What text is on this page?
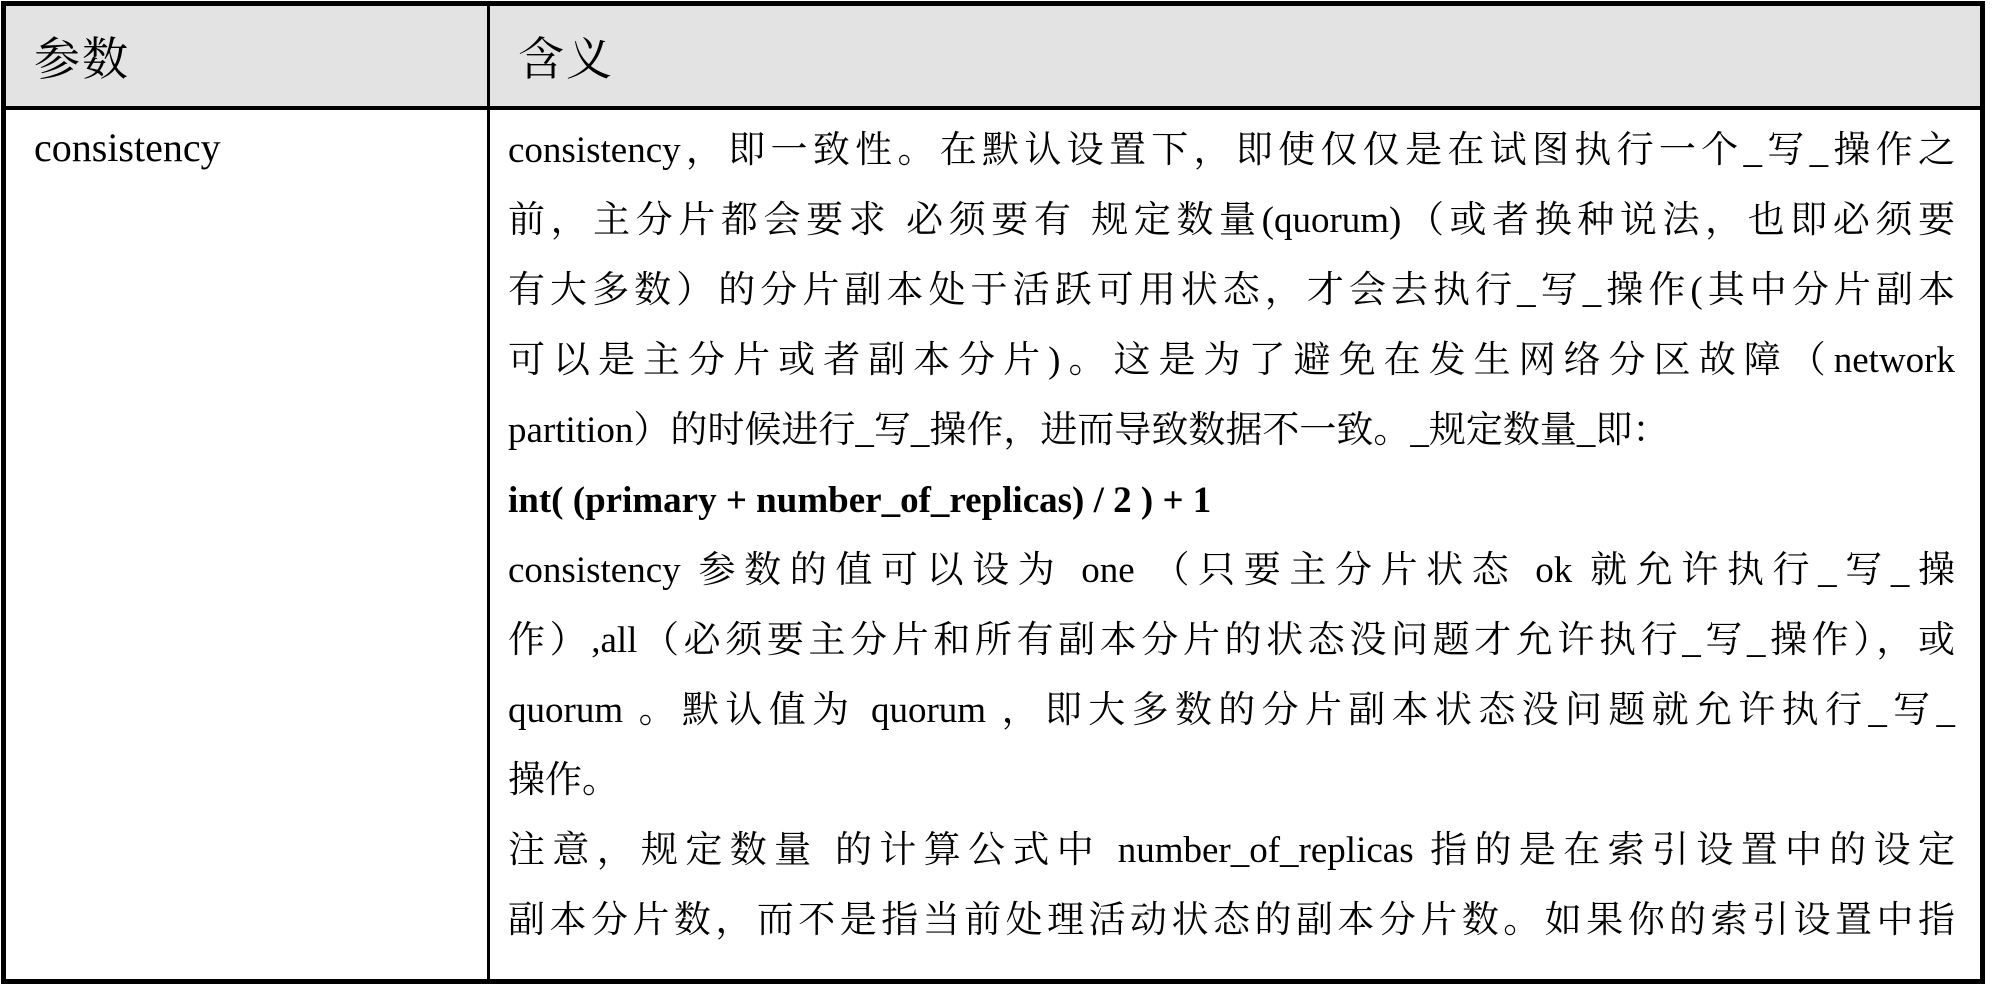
参数	含义
consistency	consistency，即一致性。在默认设置下，即使仅仅是在试图执行一个_写_操作之
前，主分片都会要求 必须要有 规定数量(quorum)（或者换种说法，也即必须要
有大多数）的分片副本处于活跃可用状态，才会去执行_写_操作(其中分片副本
可以是主分片或者副本分片)。这是为了避免在发生网络分区故障（network
partition）的时候进行_写_操作，进而导致数据不一致。_规定数量_即：
int( (primary + number_of_replicas) / 2 ) + 1
consistency 参数的值可以设为 one （只要主分片状态 ok 就允许执行_写_操
作）,all（必须要主分片和所有副本分片的状态没问题才允许执行_写_操作），或
quorum 。默认值为 quorum ，即大多数的分片副本状态没问题就允许执行_写_
操作。
注意，规定数量 的计算公式中 number_of_replicas 指的是在索引设置中的设定
副本分片数，而不是指当前处理活动状态的副本分片数。如果你的索引设置中指
